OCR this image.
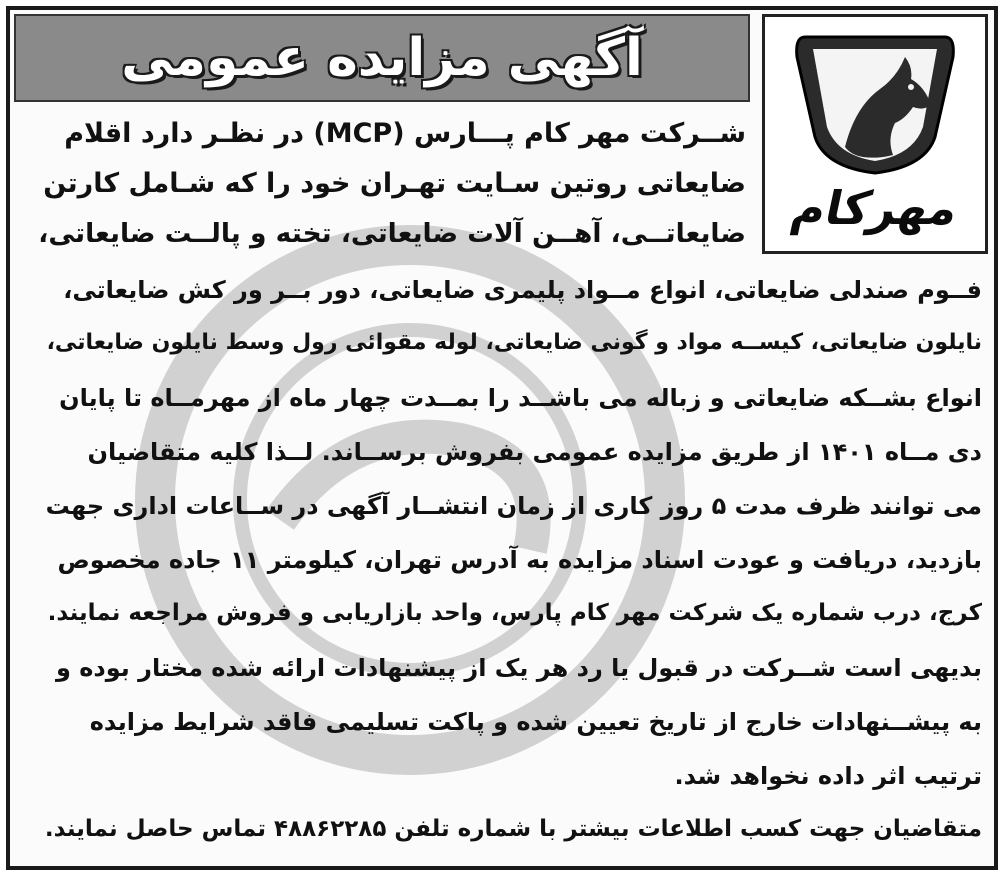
آگهی مزایده عمومی
مهرکام
شــرکت مهر کام پـــارس (MCP) در نظـر دارد اقلام
ضایعاتی روتین سـایت تهـران خود را که شـامل کارتن
ضایعاتــی، آهــن آلات ضایعاتی، تخته و پالــت ضایعاتی،
فــوم صندلی ضایعاتی، انواع مــواد پلیمری ضایعاتی، دور بــر ور کش ضایعاتی،
نایلون ضایعاتی، کیســه مواد و گونی ضایعاتی، لوله مقوائی رول وسط نایلون ضایعاتی،
انواع بشــکه ضایعاتی و زباله می باشــد را بمــدت چهار ماه از مهرمــاه تا پایان
دی مــاه ۱۴۰۱ از طریق مزایده عمومی بفروش برســاند. لــذا کلیه متقاضیان
می توانند ظرف مدت ۵ روز کاری از زمان انتشــار آگهی در ســاعات اداری جهت
بازدید، دریافت و عودت اسناد مزایده به آدرس تهران، کیلومتر ۱۱ جاده مخصوص
کرج، درب شماره یک شرکت مهر کام پارس، واحد بازاریابی و فروش مراجعه نمایند.
بدیهی است شــرکت در قبول یا رد هر یک از پیشنهادات ارائه شده مختار بوده و
به پیشــنهادات خارج از تاریخ تعیین شده و پاکت تسلیمی فاقد شرایط مزایده
ترتیب اثر داده نخواهد شد.
متقاضیان جهت کسب اطلاعات بیشتر با شماره تلفن ۴۸۸۶۲۲۸۵ تماس حاصل نمایند.
